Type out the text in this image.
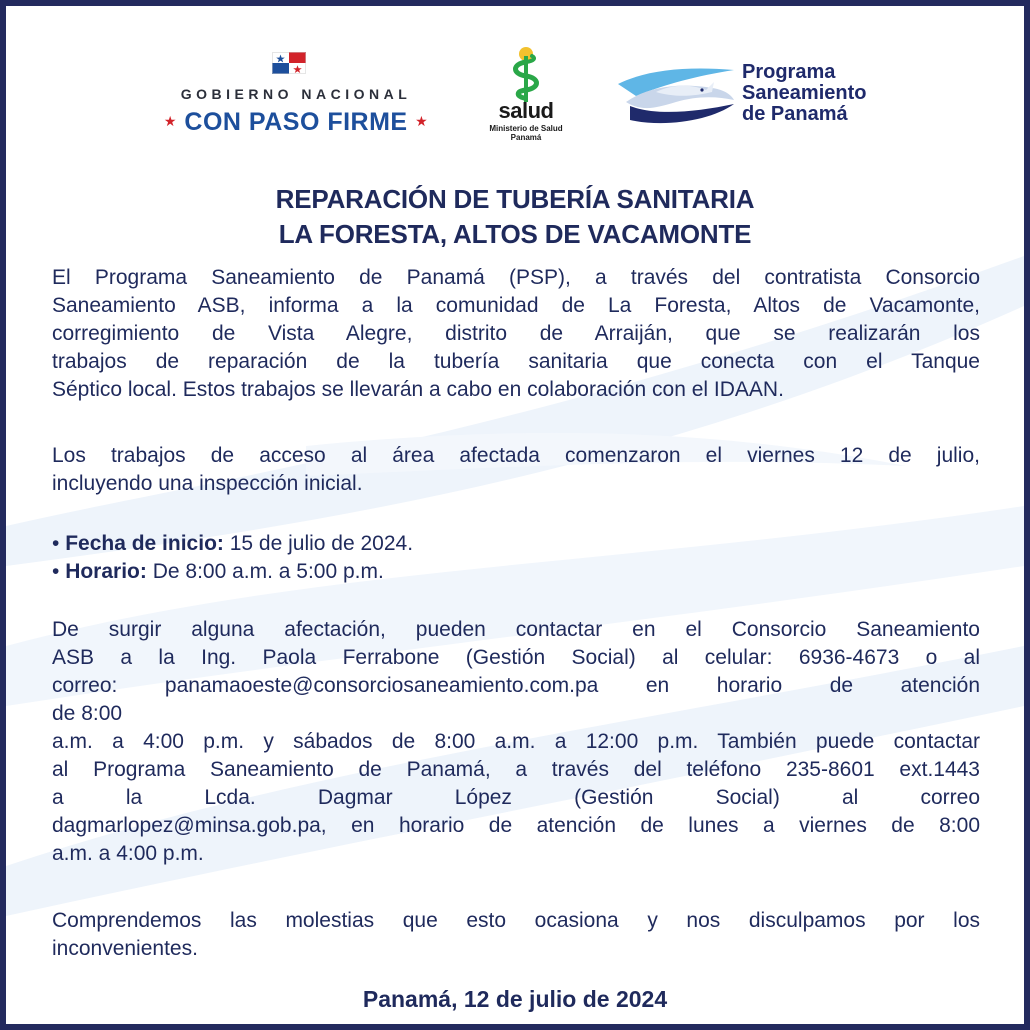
GOBIERNO NACIONAL
★ CON PASO FIRME ★	salud
Ministerio de Salud
Panamá
Programa
Saneamiento
de Panamá
REPARACIÓN DE TUBERÍA SANITARIA
LA FORESTA, ALTOS DE VACAMONTE
El Programa Saneamiento de Panamá (PSP), a través del contratista Consorcio
Saneamiento ASB, informa a la comunidad de La Foresta, Altos de Vacamonte,
corregimiento de Vista Alegre, distrito de Arraiján, que se realizarán los
trabajos de reparación de la tubería sanitaria que conecta con el Tanque
Séptico local. Estos trabajos se llevarán a cabo en colaboración con el IDAAN.
Los trabajos de acceso al área afectada comenzaron el viernes 12 de julio,
incluyendo una inspección inicial.
• Fecha de inicio: 15 de julio de 2024.
• Horario: De 8:00 a.m. a 5:00 p.m.
De surgir alguna afectación, pueden contactar en el Consorcio Saneamiento
ASB a la Ing. Paola Ferrabone (Gestión Social) al celular: 6936-4673 o al
correo: panamaoeste@consorciosaneamiento.com.pa en horario de atención
de 8:00
a.m. a 4:00 p.m. y sábados de 8:00 a.m. a 12:00 p.m. También puede contactar
al Programa Saneamiento de Panamá, a través del teléfono 235-8601 ext.1443
a la Lcda. Dagmar López (Gestión Social) al correo
dagmarlopez@minsa.gob.pa, en horario de atención de lunes a viernes de 8:00
a.m. a 4:00 p.m.
Comprendemos las molestias que esto ocasiona y nos disculpamos por los
inconvenientes.
Panamá, 12 de julio de 2024
